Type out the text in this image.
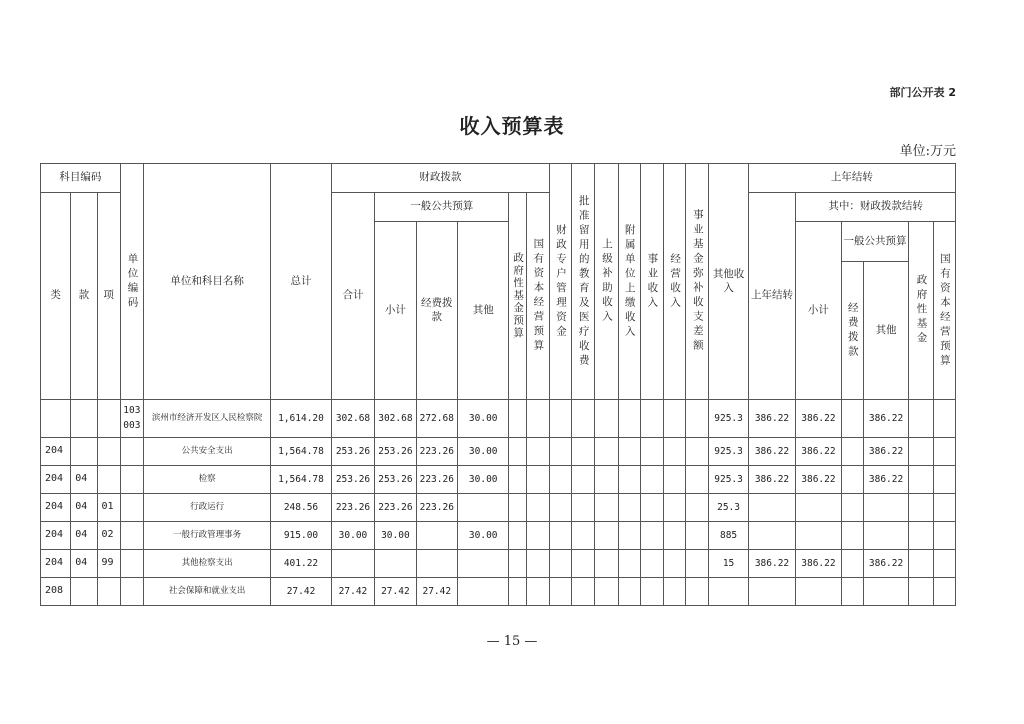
部门公开表 2
收入预算表
单位:万元
科目编码			单位编码	单位和科目名称	总计	财政拨款						财政专户管理资金	批准留用的教育及医疗收费	上级补助收入	附属单位上缴收入	事业收入	经营收入	事业基金弥补收支差额	其他收入	上年结转					
类	款	项				合计	一般公共预算			政府性基金预算	国有资本经营预算									上年结转	其中：财政拨款结转				
							小计	经费拨款	其他												小计	一般公共预算		政府性基金	国有资本经营预算

																						经费拨款	其他		
			103 003	滨州市经济开发区人民检察院	1,614.20	302.68	302.68	272.68	30.00										925.3	386.22	386.22		386.22		
204				公共安全支出	1,564.78	253.26	253.26	223.26	30.00										925.3	386.22	386.22		386.22		
204	04			检察	1,564.78	253.26	253.26	223.26	30.00										925.3	386.22	386.22		386.22		
204	04	01		行政运行	248.56	223.26	223.26	223.26											25.3						
204	04	02		一般行政管理事务	915.00	30.00	30.00		30.00										885						
204	04	99		其他检察支出	401.22														15	386.22	386.22		386.22		
208				社会保障和就业支出	27.42	27.42	27.42	27.42																	
— 15 —
